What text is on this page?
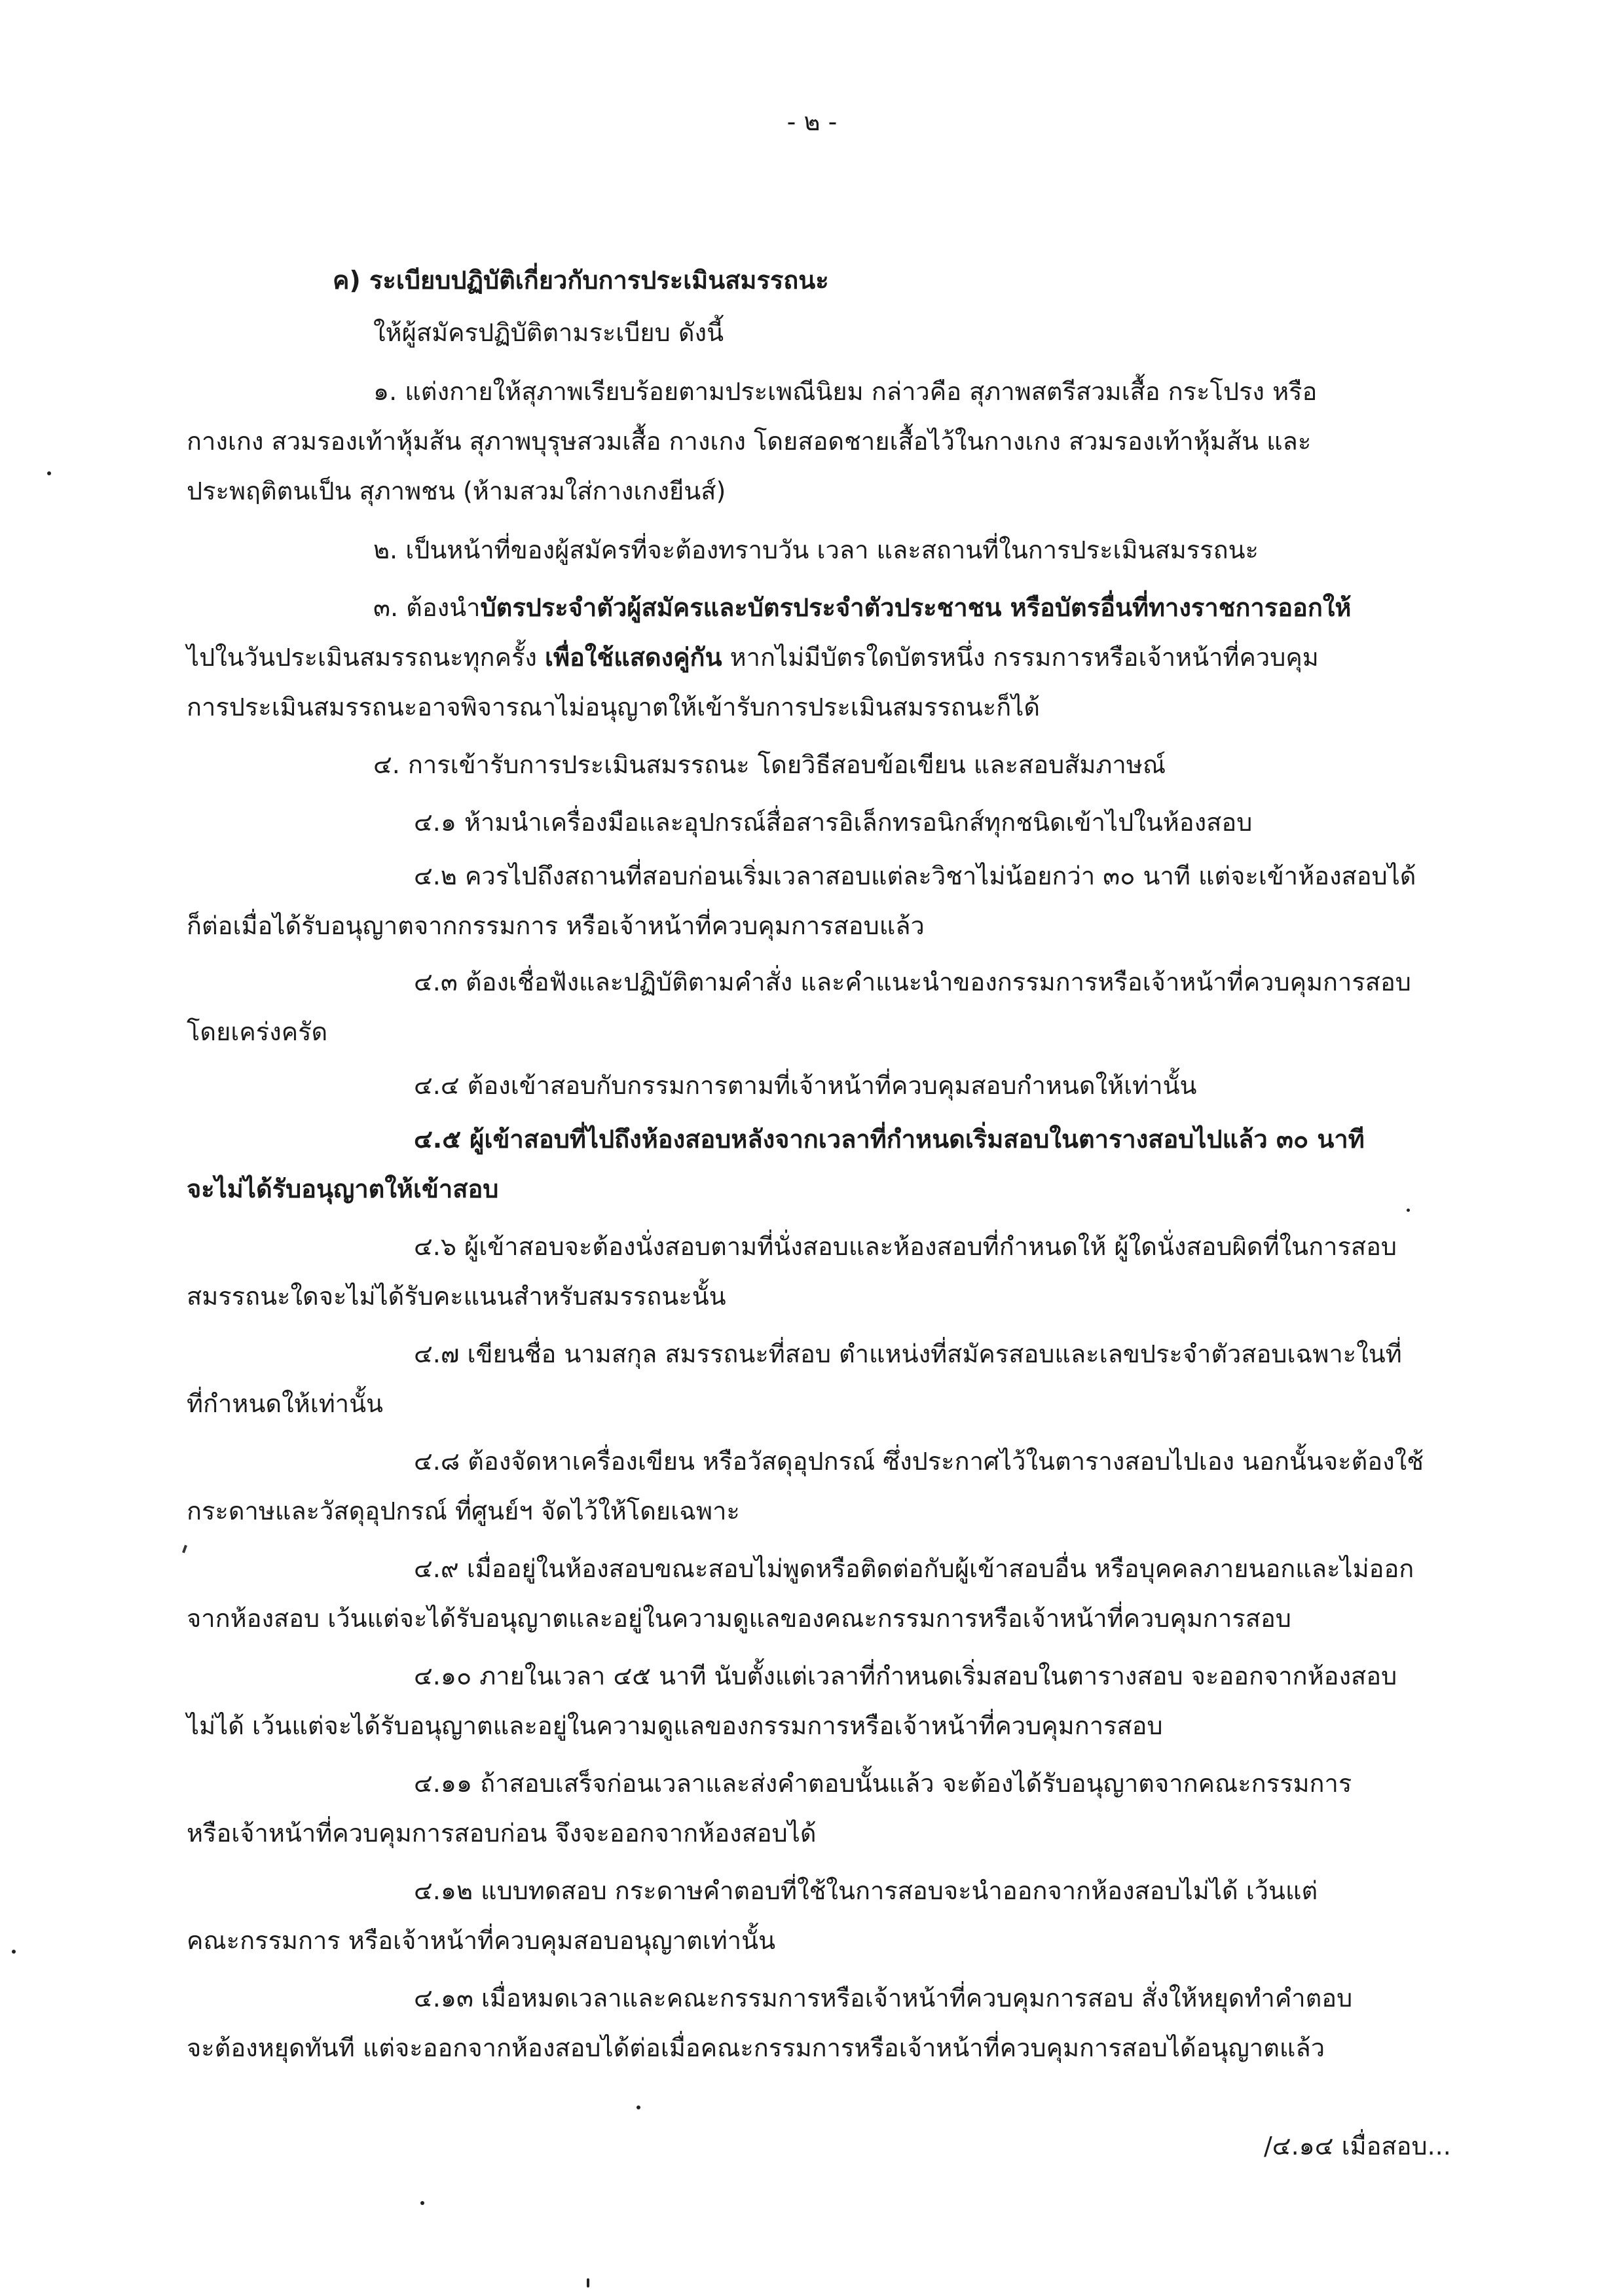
- ๒ -
ค) ระเบียบปฏิบัติเกี่ยวกับการประเมินสมรรถนะ
ให้ผู้สมัครปฏิบัติตามระเบียบ ดังนี้
๑. แต่งกายให้สุภาพเรียบร้อยตามประเพณีนิยม กล่าวคือ สุภาพสตรีสวมเสื้อ กระโปรง หรือ
กางเกง สวมรองเท้าหุ้มส้น สุภาพบุรุษสวมเสื้อ กางเกง โดยสอดชายเสื้อไว้ในกางเกง สวมรองเท้าหุ้มส้น และ
ประพฤติตนเป็น สุภาพชน (ห้ามสวมใส่กางเกงยีนส์)
๒. เป็นหน้าที่ของผู้สมัครที่จะต้องทราบวัน เวลา และสถานที่ในการประเมินสมรรถนะ
๓. ต้องนำบัตรประจำตัวผู้สมัครและบัตรประจำตัวประชาชน หรือบัตรอื่นที่ทางราชการออกให้
ไปในวันประเมินสมรรถนะทุกครั้ง เพื่อใช้แสดงคู่กัน หากไม่มีบัตรใดบัตรหนึ่ง กรรมการหรือเจ้าหน้าที่ควบคุม
การประเมินสมรรถนะอาจพิจารณาไม่อนุญาตให้เข้ารับการประเมินสมรรถนะก็ได้
๔. การเข้ารับการประเมินสมรรถนะ โดยวิธีสอบข้อเขียน และสอบสัมภาษณ์
๔.๑ ห้ามนำเครื่องมือและอุปกรณ์สื่อสารอิเล็กทรอนิกส์ทุกชนิดเข้าไปในห้องสอบ
๔.๒ ควรไปถึงสถานที่สอบก่อนเริ่มเวลาสอบแต่ละวิชาไม่น้อยกว่า ๓๐ นาที แต่จะเข้าห้องสอบได้
ก็ต่อเมื่อได้รับอนุญาตจากกรรมการ หรือเจ้าหน้าที่ควบคุมการสอบแล้ว
๔.๓ ต้องเชื่อฟังและปฏิบัติตามคำสั่ง และคำแนะนำของกรรมการหรือเจ้าหน้าที่ควบคุมการสอบ
โดยเคร่งครัด
๔.๔ ต้องเข้าสอบกับกรรมการตามที่เจ้าหน้าที่ควบคุมสอบกำหนดให้เท่านั้น
๔.๕ ผู้เข้าสอบที่ไปถึงห้องสอบหลังจากเวลาที่กำหนดเริ่มสอบในตารางสอบไปแล้ว ๓๐ นาที
จะไม่ได้รับอนุญาตให้เข้าสอบ
๔.๖ ผู้เข้าสอบจะต้องนั่งสอบตามที่นั่งสอบและห้องสอบที่กำหนดให้ ผู้ใดนั่งสอบผิดที่ในการสอบ
สมรรถนะใดจะไม่ได้รับคะแนนสำหรับสมรรถนะนั้น
๔.๗ เขียนชื่อ นามสกุล สมรรถนะที่สอบ ตำแหน่งที่สมัครสอบและเลขประจำตัวสอบเฉพาะในที่
ที่กำหนดให้เท่านั้น
๔.๘ ต้องจัดหาเครื่องเขียน หรือวัสดุอุปกรณ์ ซึ่งประกาศไว้ในตารางสอบไปเอง นอกนั้นจะต้องใช้
กระดาษและวัสดุอุปกรณ์ ที่ศูนย์ฯ จัดไว้ให้โดยเฉพาะ
๔.๙ เมื่ออยู่ในห้องสอบขณะสอบไม่พูดหรือติดต่อกับผู้เข้าสอบอื่น หรือบุคคลภายนอกและไม่ออก
จากห้องสอบ เว้นแต่จะได้รับอนุญาตและอยู่ในความดูแลของคณะกรรมการหรือเจ้าหน้าที่ควบคุมการสอบ
๔.๑๐ ภายในเวลา ๔๕ นาที นับตั้งแต่เวลาที่กำหนดเริ่มสอบในตารางสอบ จะออกจากห้องสอบ
ไม่ได้ เว้นแต่จะได้รับอนุญาตและอยู่ในความดูแลของกรรมการหรือเจ้าหน้าที่ควบคุมการสอบ
๔.๑๑ ถ้าสอบเสร็จก่อนเวลาและส่งคำตอบนั้นแล้ว จะต้องได้รับอนุญาตจากคณะกรรมการ
หรือเจ้าหน้าที่ควบคุมการสอบก่อน จึงจะออกจากห้องสอบได้
๔.๑๒ แบบทดสอบ กระดาษคำตอบที่ใช้ในการสอบจะนำออกจากห้องสอบไม่ได้ เว้นแต่
คณะกรรมการ หรือเจ้าหน้าที่ควบคุมสอบอนุญาตเท่านั้น
๔.๑๓ เมื่อหมดเวลาและคณะกรรมการหรือเจ้าหน้าที่ควบคุมการสอบ สั่งให้หยุดทำคำตอบ
จะต้องหยุดทันที แต่จะออกจากห้องสอบได้ต่อเมื่อคณะกรรมการหรือเจ้าหน้าที่ควบคุมการสอบได้อนุญาตแล้ว
/๔.๑๔ เมื่อสอบ...
